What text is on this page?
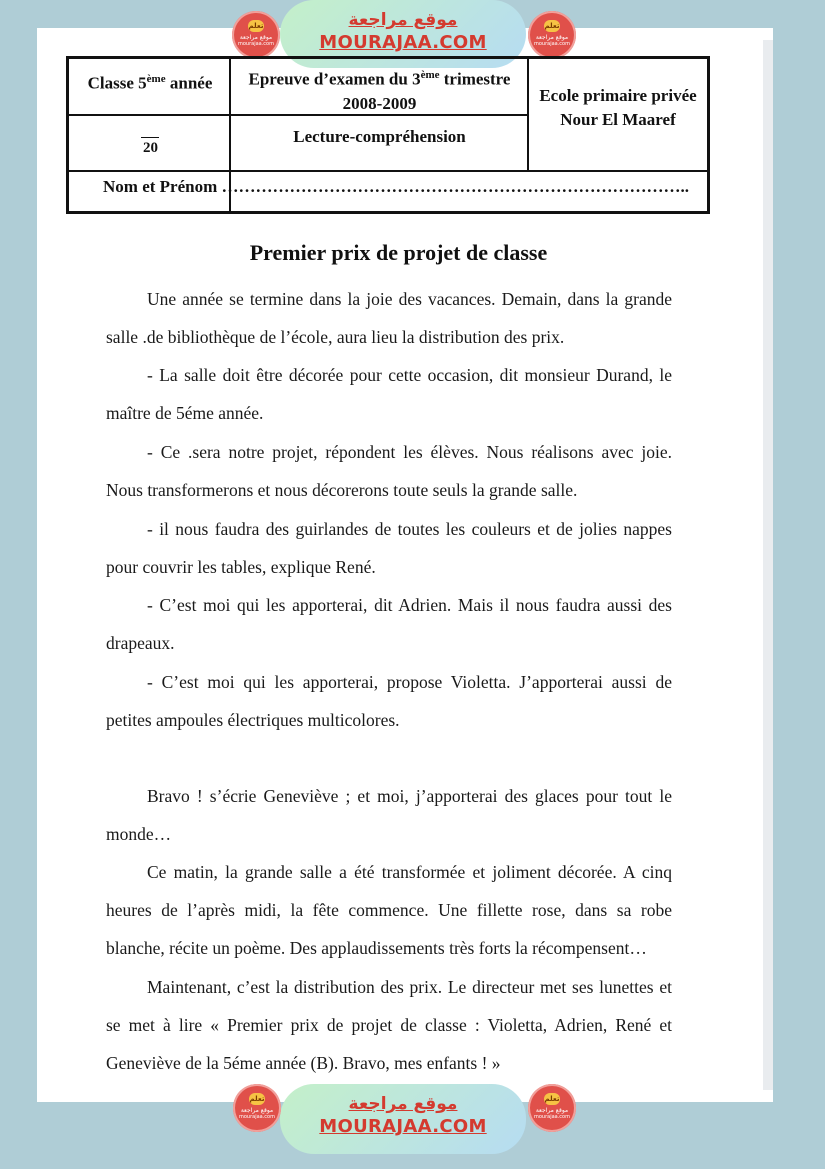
موقع مراجعة
MOURAJAA.COM
تعلم
موقع مراجعة
mourajaa.com
تعلم
موقع مراجعة
mourajaa.com
Classe 5ème année	Epreuve d’examen du 3ème trimestre
2008-2009	Ecole primaire privée
Nour El Maaref
20
Lecture-compréhension
Nom et Prénom ………………………………………………………………………..
Premier prix de projet de classe

Une année se termine dans la joie des vacances. Demain, dans la grande salle .de bibliothèque de l’école, aura lieu la distribution des prix.

- La salle doit être décorée pour cette occasion, dit monsieur Durand, le maître de 5éme année.

- Ce .sera notre projet, répondent les élèves. Nous réalisons avec joie. Nous transformerons et nous décorerons toute seuls la grande salle.

- il nous faudra des guirlandes de toutes les couleurs et de jolies nappes pour couvrir les tables, explique René.

- C’est moi qui les apporterai, dit Adrien. Mais il nous faudra aussi des drapeaux.

- C’est moi qui les apporterai, propose Violetta. J’apporterai aussi de petites ampoules électriques multicolores.

Bravo ! s’écrie Geneviève ; et moi, j’apporterai des glaces pour tout le monde…

Ce matin, la grande salle a été transformée et joliment décorée. A cinq heures de l’après midi, la fête commence. Une fillette rose, dans sa robe blanche, récite un poème. Des applaudissements très forts la récompensent…

Maintenant, c’est la distribution des prix. Le directeur met ses lunettes et se met à lire « Premier prix de projet de classe : Violetta, Adrien, René et Geneviève de la 5éme année (B). Bravo, mes enfants ! »

موقع مراجعة
MOURAJAA.COM
تعلم
موقع مراجعة
mourajaa.com
تعلم
موقع مراجعة
mourajaa.com
